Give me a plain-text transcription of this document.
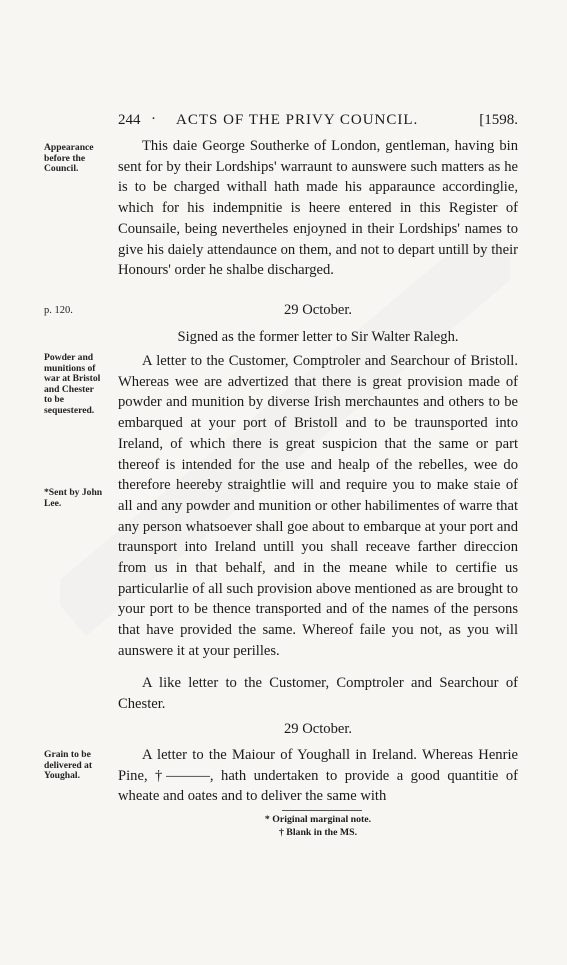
244 · ACTS OF THE PRIVY COUNCIL.	[1598.
Appearance before the Council.

This daie George Southerke of London, gentleman, having bin sent for by their Lordships' warraunt to aunswere such matters as he is to be charged withall hath made his apparaunce accordinglie, which for his indempnitie is heere entered in this Register of Counsaile, being nevertheles enjoyned in their Lordships' names to give his daiely attendaunce on them, and not to depart untill by their Honours' order he shalbe discharged.

p. 120.	29 October.
Signed as the former letter to Sir Walter Ralegh.
Powder and munitions of war at Bristol and Chester to be sequestered.
*Sent by John Lee.

A letter to the Customer, Comptroler and Searchour of Bristoll. Whereas wee are advertized that there is great provision made of powder and munition by diverse Irish merchauntes and others to be embarqued at your port of Bristoll and to be traunsported into Ireland, of which there is great suspicion that the same or part thereof is intended for the use and healp of the rebelles, wee do therefore heereby straightlie will and require you to make staie of all and any powder and munition or other habilimentes of warre that any person whatsoever shall goe about to embarque at your port and traunsport into Ireland untill you shall receave farther direccion from us in that behalf, and in the meane while to certifie us particularlie of all such provision above mentioned as are brought to your port to be thence transported and of the names of the persons that have provided the same. Whereof faile you not, as you will aunswere it at your perilles.

A like letter to the Customer, Comptroler and Searchour of Chester.

29 October.
Grain to be delivered at Youghal.

A letter to the Maiour of Youghall in Ireland. Whereas Henrie Pine, †———, hath undertaken to provide a good quantitie of wheate and oates and to deliver the same with

* Original marginal note.
† Blank in the MS.
